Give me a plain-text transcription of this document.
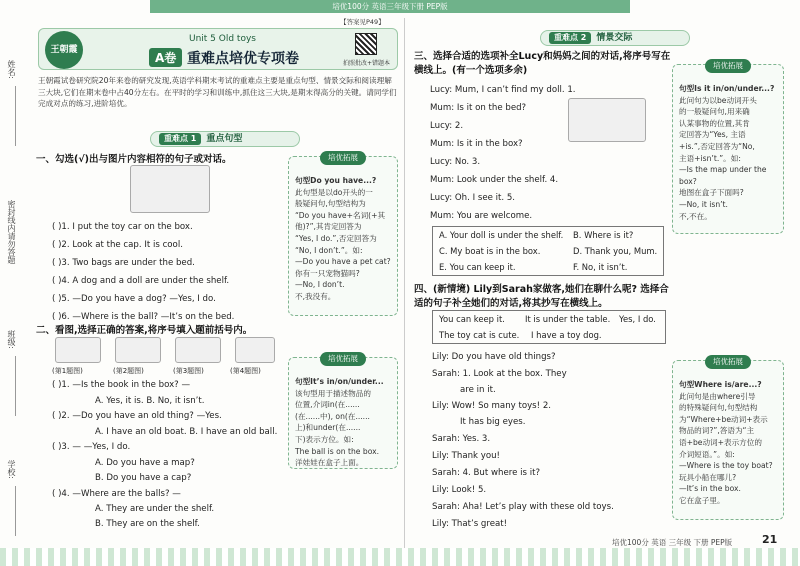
培优100分 英语三年级下册 PEP版
姓名:
密封线内请勿答题
班级:
学校:
王朝霞
Unit 5 Old toys
A卷 重难点培优专项卷	拍照批改+错题本
【答案见P49】
王朝霞试卷研究院20年来卷的研究发现,英语学科期末考试的重难点主要是重点句型、情景交际和阅读理解三大块,它们在期末卷中占40分左右。在平时的学习和训练中,抓住这三大块,是期末得高分的关键。请同学们完成对点的练习,进阶培优。
重难点 1 重点句型
一、勾选(√)出与图片内容相符的句子或对话。
( )1. I put the toy car on the box.
( )2. Look at the cap. It is cool.
( )3. Two bags are under the bed.
( )4. A dog and a doll are under the shelf.
( )5. —Do you have a dog? —Yes, I do.
( )6. —Where is the ball? —It’s on the bed.
培优拓展
句型Do you have...?
此句型是以do开头的一
般疑问句,句型结构为
“Do you have+名词(+其
他)?”,其肯定回答为
“Yes, I do.”,否定回答为
“No, I don’t.”。如:
—Do you have a pet cat?
你有一只宠物猫吗?
—No, I don’t.
不,我没有。
二、看图,选择正确的答案,将序号填入题前括号内。
(第1题图)	(第2题图)	(第3题图)	(第4题图)
( )1. —Is the book in the box? —
A. Yes, it is. B. No, it isn’t.
( )2. —Do you have an old thing? —Yes.
A. I have an old boat. B. I have an old ball.
( )3. — —Yes, I do.
A. Do you have a map?
B. Do you have a cap?
( )4. —Where are the balls? —
A. They are under the shelf.
B. They are on the shelf.
培优拓展
句型It’s in/on/under...
该句型用于描述物品的
位置,介词in(在......
(在......中), on(在......
上)和under(在......
下)表示方位。如:
The ball is on the box.
洋娃娃在盒子上面。
重难点 2 情景交际
三、选择合适的选项补全Lucy和妈妈之间的对话,将序号写在横线上。(有一个选项多余)
Lucy: Mum, I can’t find my doll. 1.
Mum: Is it on the bed?
Lucy: 2.
Mum: Is it in the box?
Lucy: No. 3.
Mum: Look under the shelf. 4.
Lucy: Oh. I see it. 5.
Mum: You are welcome.
A. Your doll is under the shelf. B. Where is it?
C. My boat is in the box.	D. Thank you, Mum.
E. You can keep it.	F. No, it isn’t.
培优拓展
句型Is it in/on/under...?
此问句为以be动词开头
的一般疑问句,用来确
认某事物的位置,其肯
定回答为“Yes, 主语
+is.”,否定回答为“No,
主语+isn’t.”。如:
—Is the map under the
box?
地图在盒子下面吗?
—No, it isn’t.
不,不在。
四、(新情境) Lily到Sarah家做客,她们在聊什么呢? 选择合适的句子补全她们的对话,将其抄写在横线上。
You can keep it. It is under the table. Yes, I do.
The toy cat is cute. I have a toy dog.
Lily: Do you have old things?
Sarah: 1. Look at the box. They
are in it.
Lily: Wow! So many toys! 2.
It has big eyes.
Sarah: Yes. 3.
Lily: Thank you!
Sarah: 4. But where is it?
Lily: Look! 5.
Sarah: Aha! Let’s play with these old toys.
Lily: That’s great!
培优拓展
句型Where is/are...?
此问句是由where引导
的特殊疑问句,句型结构
为“Where+be动词+表示
物品的词?”,答语为“主
语+be动词+表示方位的
介词短语。”。如:
—Where is the toy boat?
玩具小船在哪儿?
—It’s in the box.
它在盒子里。
培优100分 英语 三年级 下册 PEP版	21
